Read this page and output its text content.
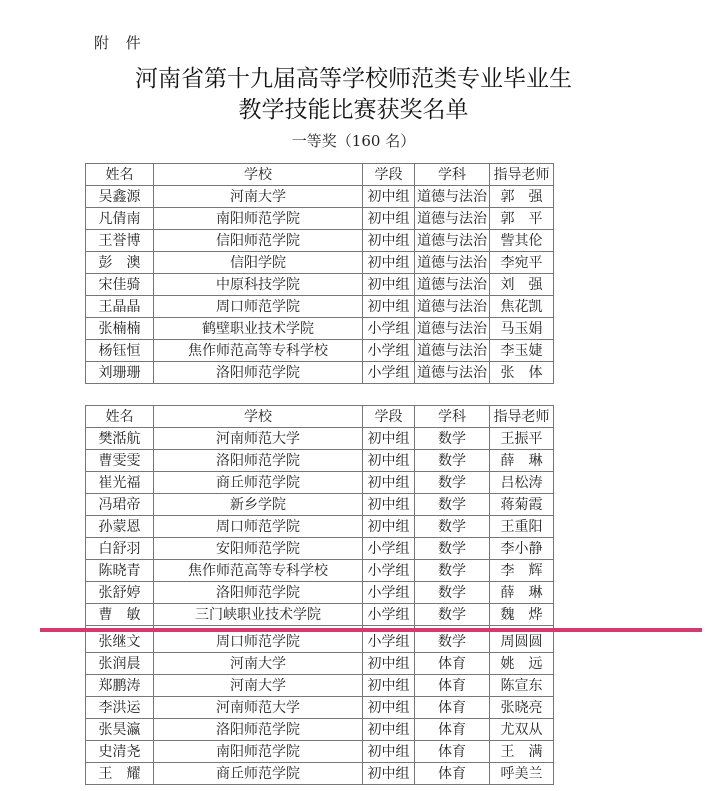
附 件
河南省第十九届高等学校师范类专业毕业生
教学技能比赛获奖名单
一等奖（160 名）
姓名	学校	学段	学科	指导老师
吴鑫源	河南大学	初中组	道德与法治	郭　强
凡倩南	南阳师范学院	初中组	道德与法治	郭　平
王誉博	信阳师范学院	初中组	道德与法治	訾其伦
彭　澳	信阳学院	初中组	道德与法治	李宛平
宋佳骑	中原科技学院	初中组	道德与法治	刘　强
王晶晶	周口师范学院	初中组	道德与法治	焦花凯
张楠楠	鹤壁职业技术学院	小学组	道德与法治	马玉娟
杨钰恒	焦作师范高等专科学校	小学组	道德与法治	李玉婕
刘珊珊	洛阳师范学院	小学组	道德与法治	张　体
姓名	学校	学段	学科	指导老师
樊湉航	河南师范大学	初中组	数学	王振平
曹雯雯	洛阳师范学院	初中组	数学	薛　琳
崔光福	商丘师范学院	初中组	数学	吕松涛
冯珺帝	新乡学院	初中组	数学	蒋菊霞
孙蒙恩	周口师范学院	初中组	数学	王重阳
白舒羽	安阳师范学院	小学组	数学	李小静
陈晓青	焦作师范高等专科学校	小学组	数学	李　辉
张舒婷	洛阳师范学院	小学组	数学	薛　琳
曹　敏	三门峡职业技术学院	小学组	数学	魏　烨
张继文	周口师范学院	小学组	数学	周圆圆
张润晨	河南大学	初中组	体育	姚　远
郑鹏涛	河南大学	初中组	体育	陈宣东
李洪运	河南师范大学	初中组	体育	张晓亮
张昊瀛	洛阳师范学院	初中组	体育	尤双从
史清尧	南阳师范学院	初中组	体育	王　满
王　耀	商丘师范学院	初中组	体育	呼美兰
